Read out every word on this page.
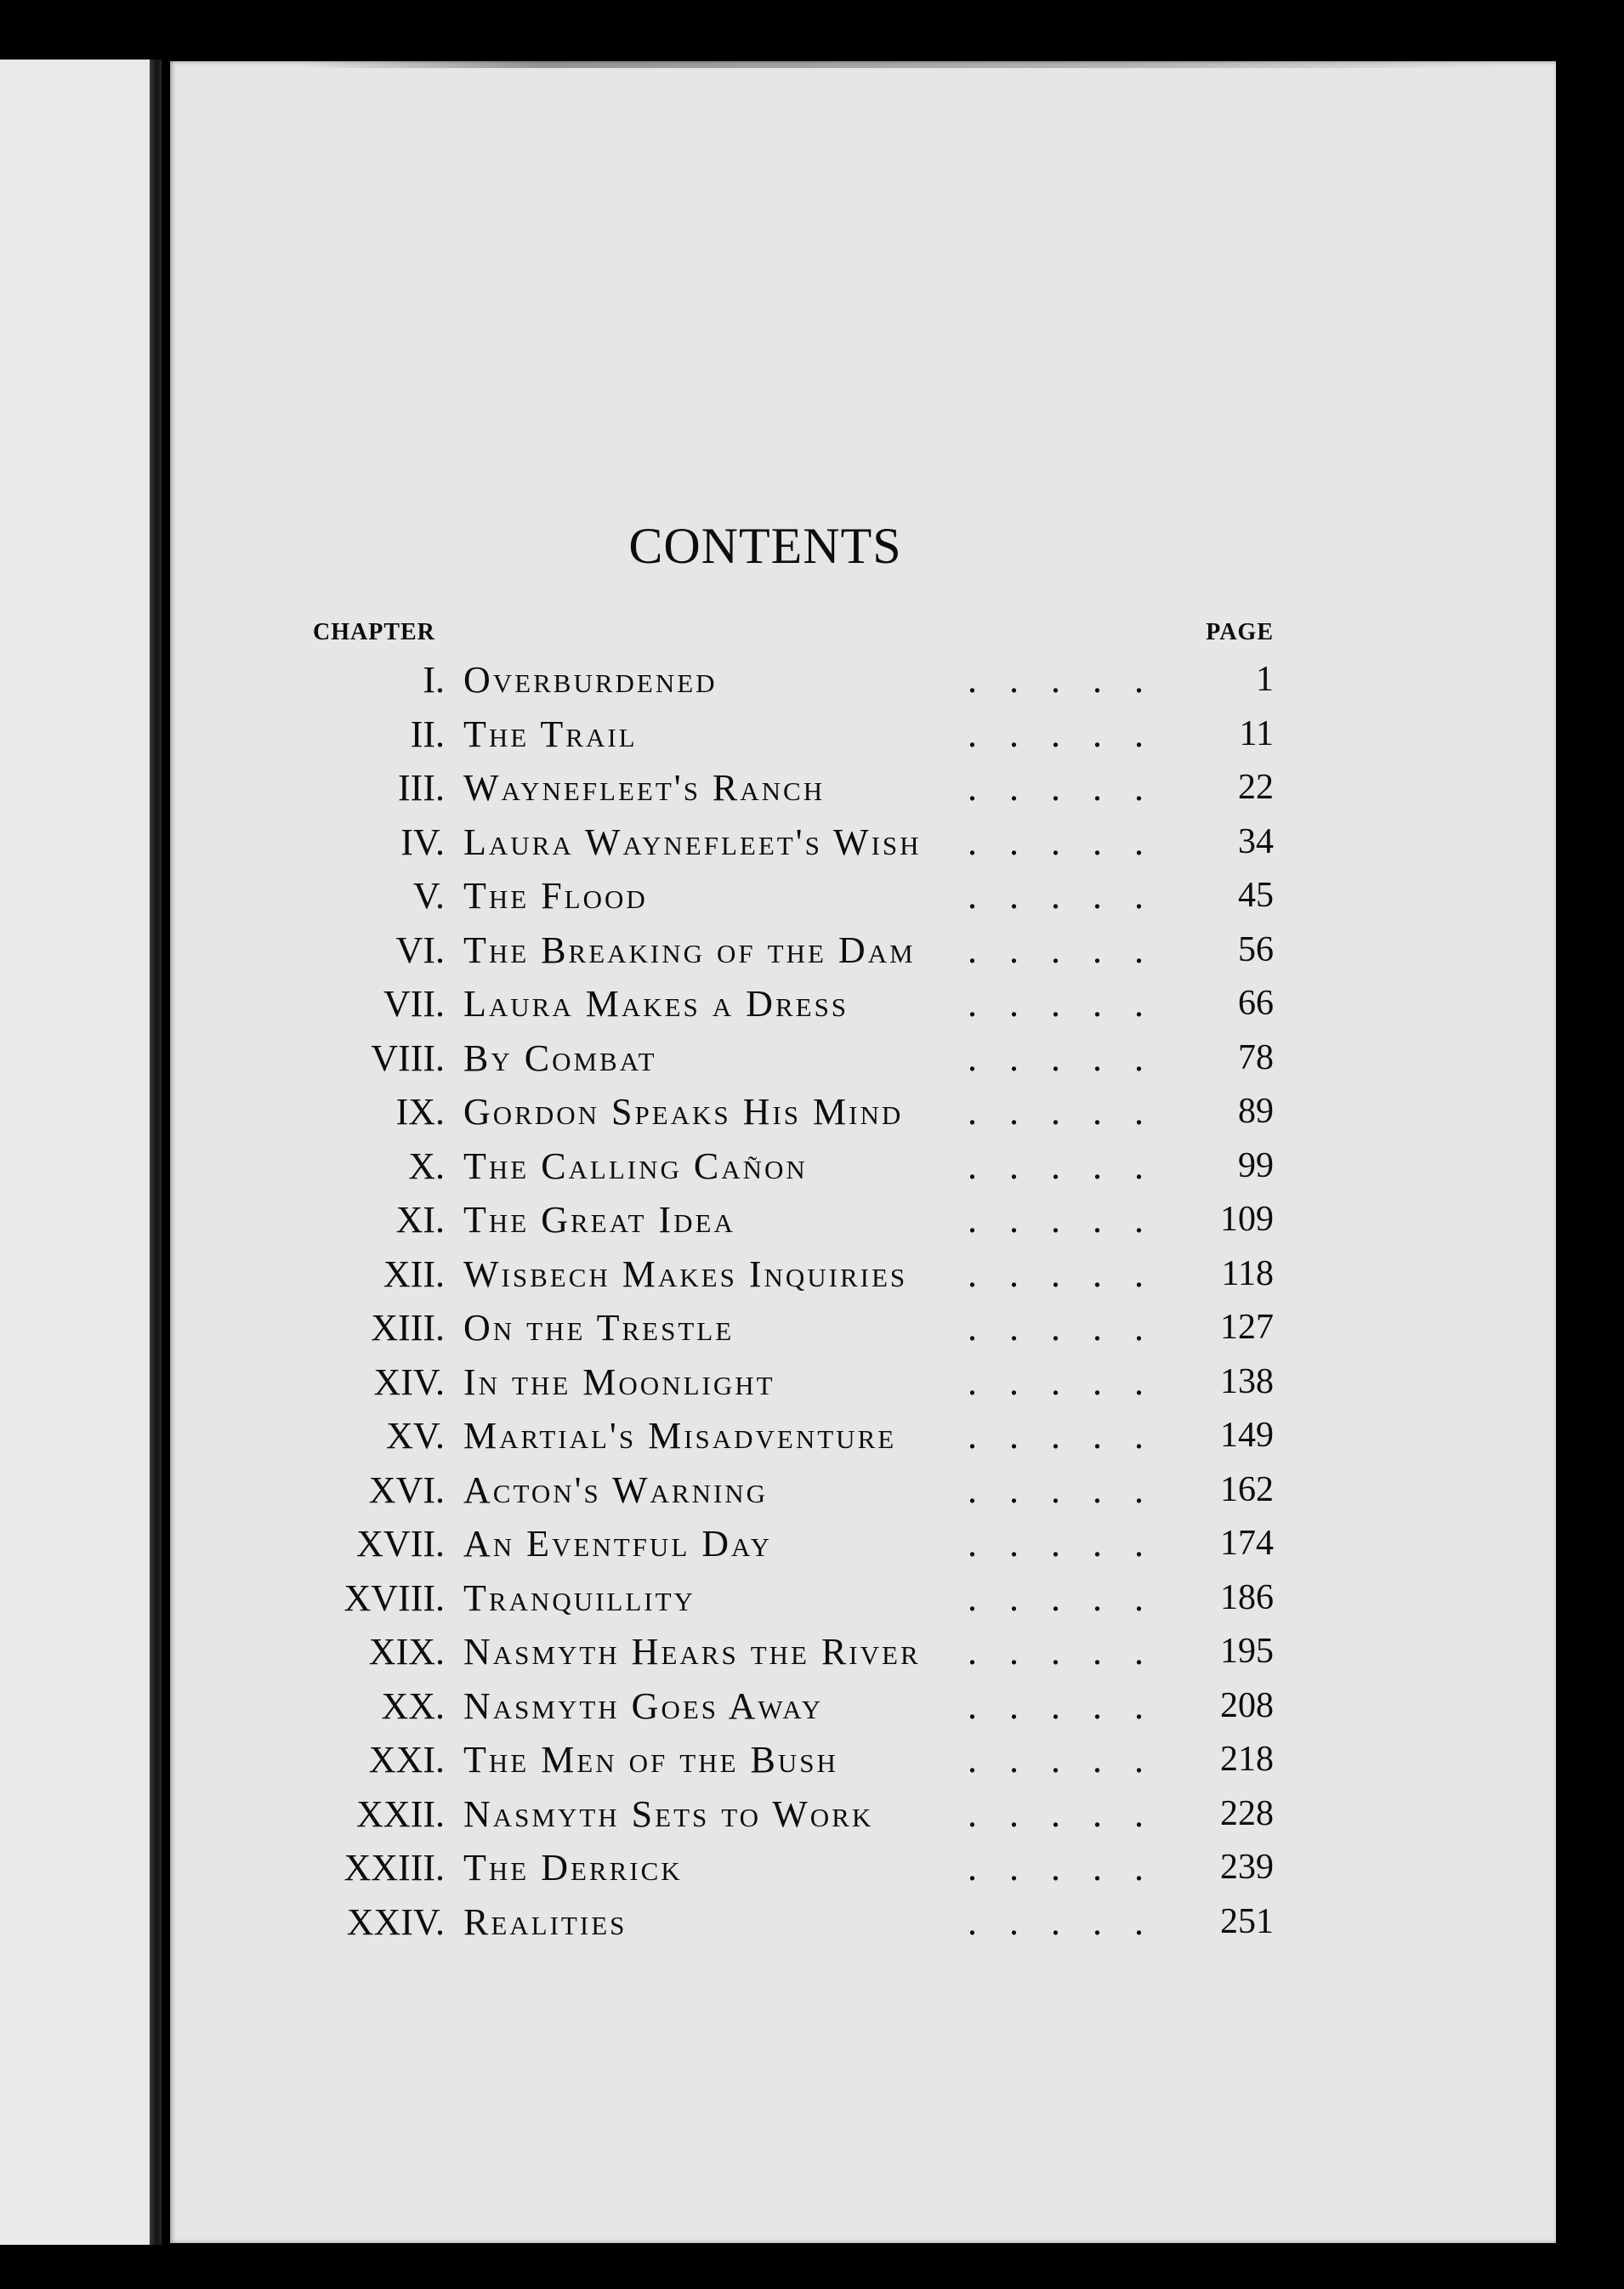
CONTENTS
CHAPTER	PAGE
I. Overburdened	.....	1
II. The Trail	.....	11
III. Waynefleet's Ranch	.....	22
IV. Laura Waynefleet's Wish .....	34
V. The Flood	.....	45
VI. The Breaking of the Dam .....	56
VII. Laura Makes a Dress	.....	66
VIII. By Combat	.....	78
IX. Gordon Speaks His Mind .....	89
X. The Calling Cañon	.....	99
XI. The Great Idea	.....	109
XII. Wisbech Makes Inquiries .....	118
XIII. On the Trestle	.....	127
XIV. In the Moonlight	.....	138
XV. Martial's Misadventure .....	149
XVI. Acton's Warning	.....	162
XVII. An Eventful Day	.....	174
XVIII. Tranquillity	.....	186
XIX. Nasmyth Hears the River .....	195
XX. Nasmyth Goes Away	.....	208
XXI. The Men of the Bush	.....	218
XXII. Nasmyth Sets to Work	.....	228
XXIII. The Derrick	.....	239
XXIV. Realities	.....	251
